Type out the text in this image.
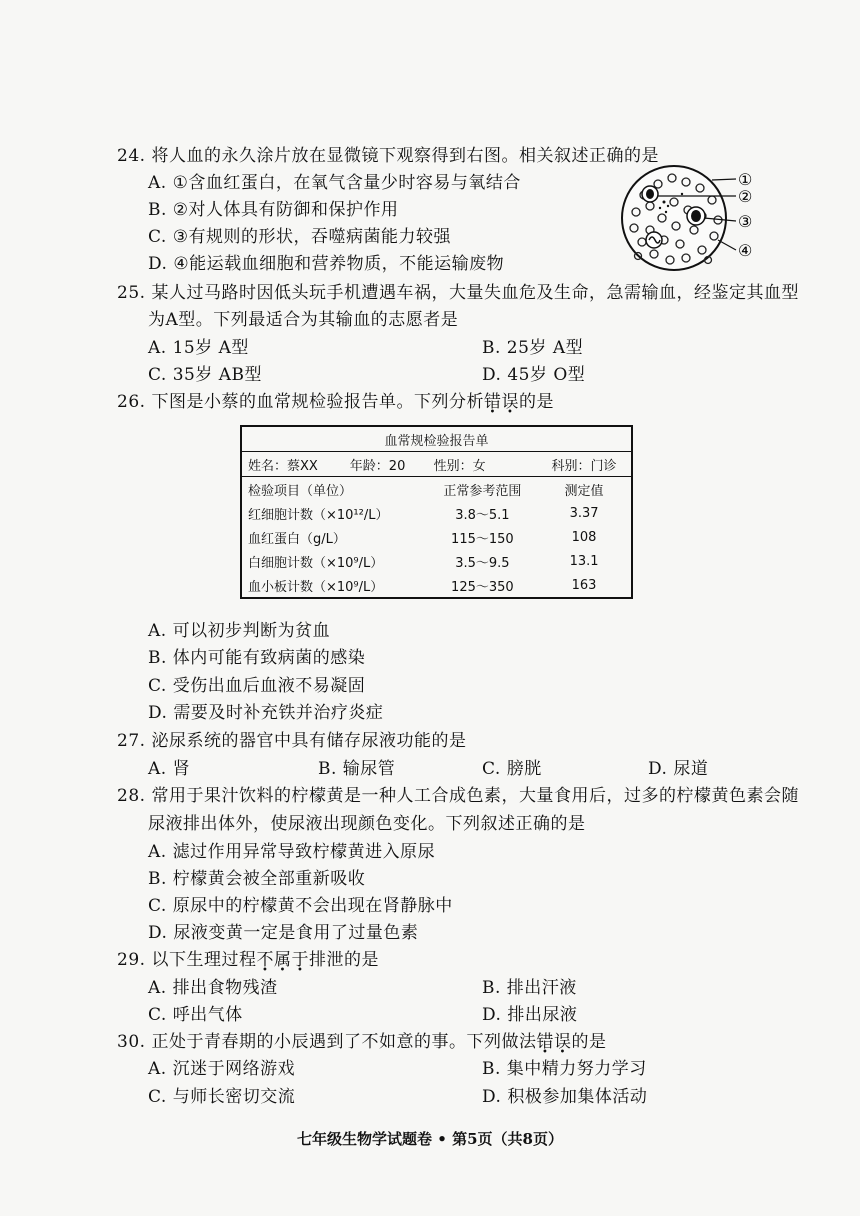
24. 将人血的永久涂片放在显微镜下观察得到右图。相关叙述正确的是
A. ①含血红蛋白，在氧气含量少时容易与氧结合
B. ②对人体具有防御和保护作用
C. ③有规则的形状，吞噬病菌能力较强
D. ④能运载血细胞和营养物质，不能运输废物
①
②
③
④
25. 某人过马路时因低头玩手机遭遇车祸，大量失血危及生命，急需输血，经鉴定其血型
为A型。下列最适合为其输血的志愿者是
A. 15岁 A型	B. 25岁 A型
C. 35岁 AB型	D. 45岁 O型
26. 下图是小蔡的血常规检验报告单。下列分析错误的是
血常规检验报告单			
姓名：蔡XX	年龄：20	性别：女	科别：门诊
检验项目（单位）		正常参考范围	测定值
红细胞计数（×10¹²/L）		3.8～5.1	3.37
血红蛋白（g/L）		115～150	108
白细胞计数（×10⁹/L）		3.5～9.5	13.1
血小板计数（×10⁹/L）		125～350	163
A. 可以初步判断为贫血
B. 体内可能有致病菌的感染
C. 受伤出血后血液不易凝固
D. 需要及时补充铁并治疗炎症
27. 泌尿系统的器官中具有储存尿液功能的是
A. 肾	B. 输尿管	C. 膀胱	D. 尿道
28. 常用于果汁饮料的柠檬黄是一种人工合成色素，大量食用后，过多的柠檬黄色素会随
尿液排出体外，使尿液出现颜色变化。下列叙述正确的是
A. 滤过作用异常导致柠檬黄进入原尿
B. 柠檬黄会被全部重新吸收
C. 原尿中的柠檬黄不会出现在肾静脉中
D. 尿液变黄一定是食用了过量色素
29. 以下生理过程不属于排泄的是
A. 排出食物残渣	B. 排出汗液
C. 呼出气体	D. 排出尿液
30. 正处于青春期的小辰遇到了不如意的事。下列做法错误的是
A. 沉迷于网络游戏	B. 集中精力努力学习
C. 与师长密切交流	D. 积极参加集体活动
七年级生物学试题卷 • 第5页（共8页）
